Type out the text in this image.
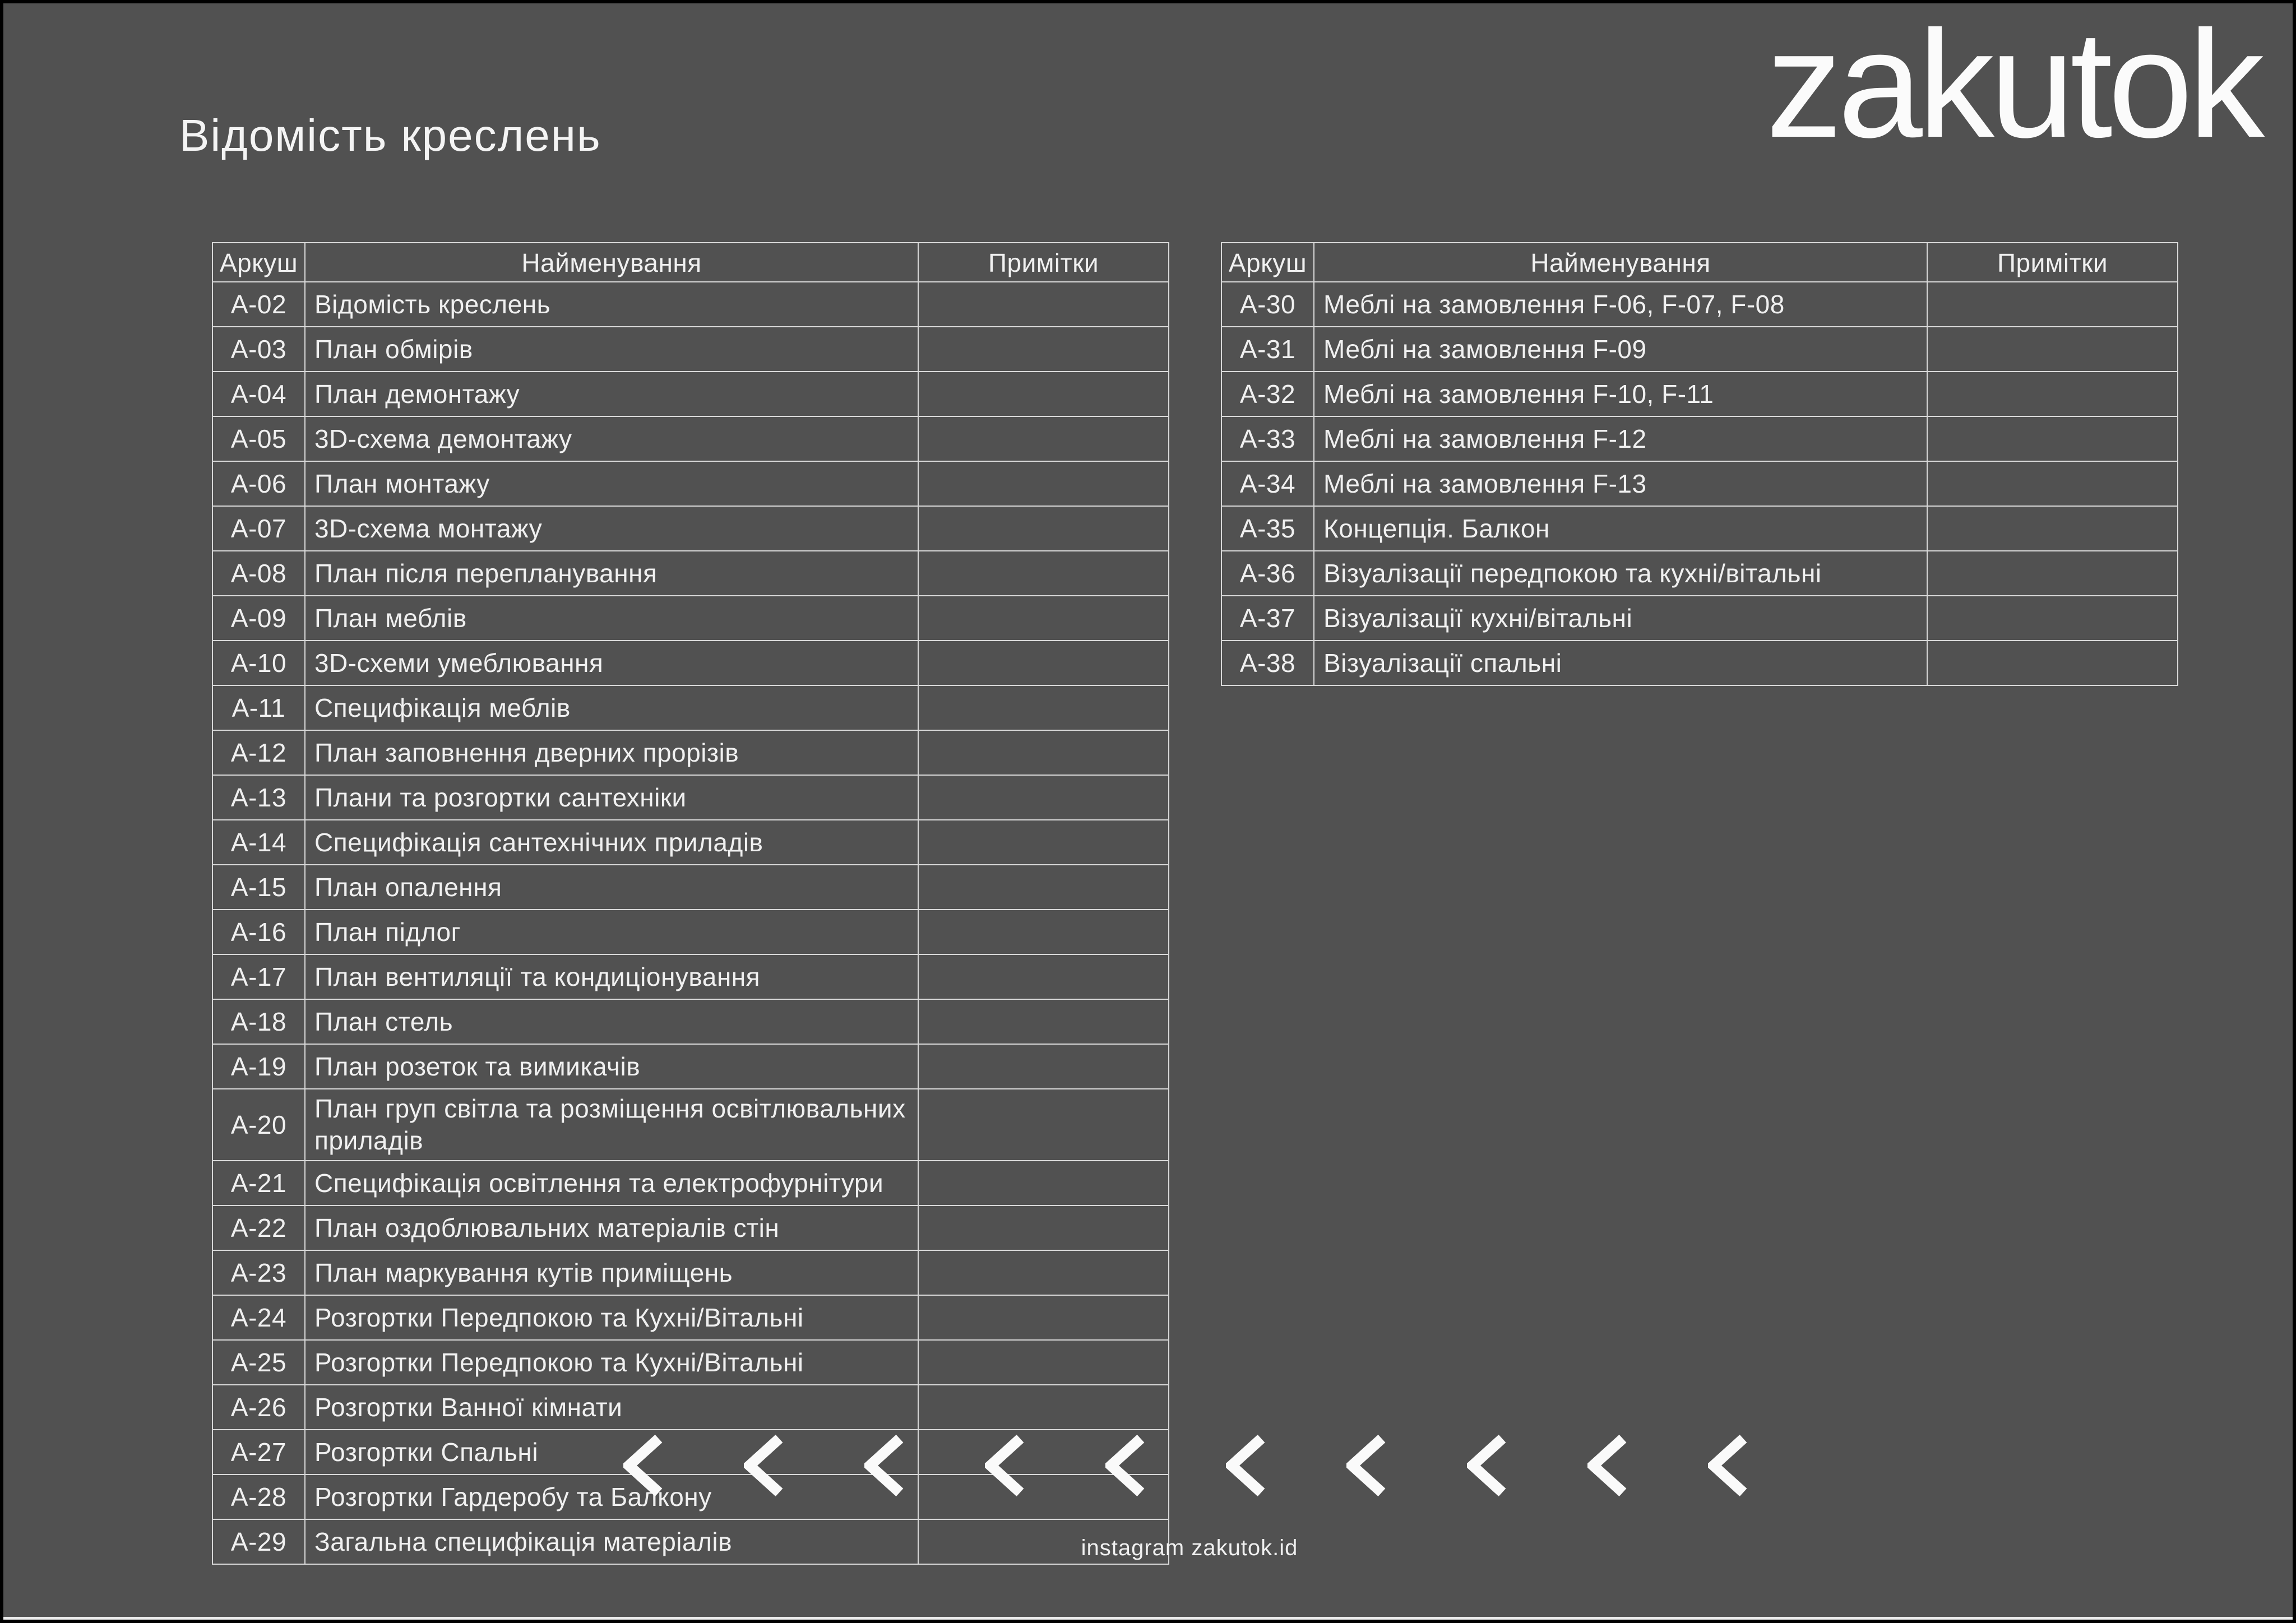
Відомість креслень	zakutok
Аркуш	Найменування	Примітки
A-02	Відомість креслень	
A-03	План обмірів	
A-04	План демонтажу	
A-05	3D-схема демонтажу	
A-06	План монтажу	
A-07	3D-схема монтажу	
A-08	План після перепланування	
A-09	План меблів	
A-10	3D-схеми умеблювання	
A-11	Специфікація меблів	
A-12	План заповнення дверних прорізів	
A-13	Плани та розгортки сантехніки	
A-14	Специфікація сантехнічних приладів	
A-15	План опалення	
A-16	План підлог	
A-17	План вентиляції та кондиціонування	
A-18	План стель	
A-19	План розеток та вимикачів	
A-20	План груп світла та розміщення освітлювальних приладів	
A-21	Специфікація освітлення та електрофурнітури	
A-22	План оздоблювальних матеріалів стін	
A-23	План маркування кутів приміщень	
A-24	Розгортки Передпокою та Кухні/Вітальні	
A-25	Розгортки Передпокою та Кухні/Вітальні	
A-26	Розгортки Ванної кімнати	
A-27	Розгортки Спальні	
A-28	Розгортки Гардеробу та Балкону	
A-29	Загальна специфікація матеріалів	
Аркуш	Найменування	Примітки
A-30	Меблі на замовлення F-06, F-07, F-08	
A-31	Меблі на замовлення F-09	
A-32	Меблі на замовлення F-10, F-11	
A-33	Меблі на замовлення F-12	
A-34	Меблі на замовлення F-13	
A-35	Концепція. Балкон	
A-36	Візуалізації передпокою та кухні/вітальні	
A-37	Візуалізації кухні/вітальні	
A-38	Візуалізації спальні	
instagram zakutok.id
